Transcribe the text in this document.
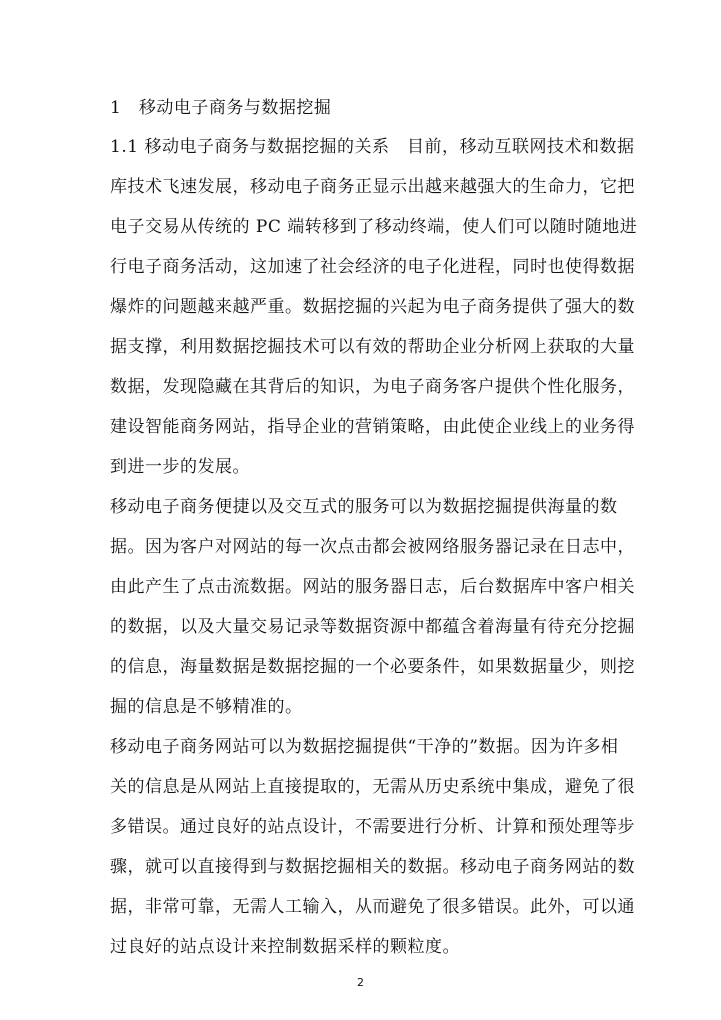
1　移动电子商务与数据挖掘
1.1 移动电子商务与数据挖掘的关系　目前，移动互联网技术和数据
库技术飞速发展，移动电子商务正显示出越来越强大的生命力，它把
电子交易从传统的 PC 端转移到了移动终端，使人们可以随时随地进
行电子商务活动，这加速了社会经济的电子化进程，同时也使得数据
爆炸的问题越来越严重。数据挖掘的兴起为电子商务提供了强大的数
据支撑，利用数据挖掘技术可以有效的帮助企业分析网上获取的大量
数据，发现隐藏在其背后的知识，为电子商务客户提供个性化服务，
建设智能商务网站，指导企业的营销策略，由此使企业线上的业务得
到进一步的发展。
移动电子商务便捷以及交互式的服务可以为数据挖掘提供海量的数
据。因为客户对网站的每一次点击都会被网络服务器记录在日志中，
由此产生了点击流数据。网站的服务器日志，后台数据库中客户相关
的数据，以及大量交易记录等数据资源中都蕴含着海量有待充分挖掘
的信息，海量数据是数据挖掘的一个必要条件，如果数据量少，则挖
掘的信息是不够精准的。
移动电子商务网站可以为数据挖掘提供“干净的”数据。因为许多相
关的信息是从网站上直接提取的，无需从历史系统中集成，避免了很
多错误。通过良好的站点设计，不需要进行分析、计算和预处理等步
骤，就可以直接得到与数据挖掘相关的数据。移动电子商务网站的数
据，非常可靠，无需人工输入，从而避免了很多错误。此外，可以通
过良好的站点设计来控制数据采样的颗粒度。
2
